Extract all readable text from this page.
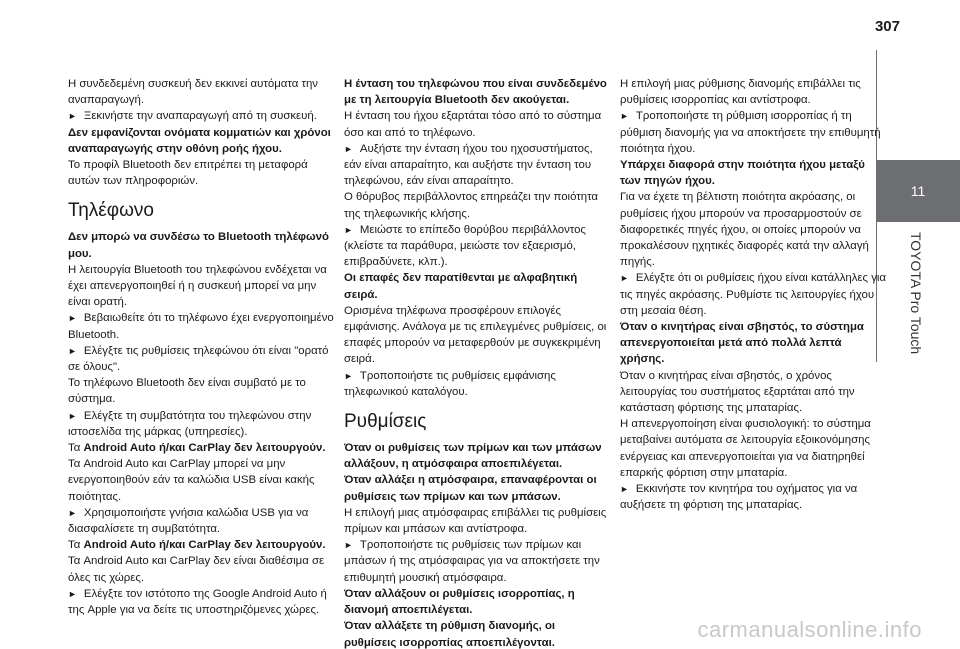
307
11
TOYOTA Pro Touch

Η συνδεδεμένη συσκευή δεν εκκινεί αυτόματα την αναπαραγωγή.

► Ξεκινήστε την αναπαραγωγή από τη συσκευή.

Δεν εμφανίζονται ονόματα κομματιών και χρόνοι αναπαραγωγής στην οθόνη ροής ήχου.

Το προφίλ Bluetooth δεν επιτρέπει τη μεταφορά αυτών των πληροφοριών.

Τηλέφωνο

Δεν μπορώ να συνδέσω το Bluetooth τηλέφωνό μου.

Η λειτουργία Bluetooth του τηλεφώνου ενδέχεται να έχει απενεργοποιηθεί ή η συσκευή μπορεί να μην είναι ορατή.

► Βεβαιωθείτε ότι το τηλέφωνο έχει ενεργοποιημένο Bluetooth.

► Ελέγξτε τις ρυθμίσεις τηλεφώνου ότι είναι "ορατό σε όλους".

Το τηλέφωνο Bluetooth δεν είναι συμβατό με το σύστημα.

► Ελέγξτε τη συμβατότητα του τηλεφώνου στην ιστοσελίδα της μάρκας (υπηρεσίες).

Τα Android Auto ή/και CarPlay δεν λειτουργούν.

Τα Android Auto και CarPlay μπορεί να μην ενεργοποιηθούν εάν τα καλώδια USB είναι κακής ποιότητας.

► Χρησιμοποιήστε γνήσια καλώδια USB για να διασφαλίσετε τη συμβατότητα.

Τα Android Auto ή/και CarPlay δεν λειτουργούν.

Τα Android Auto και CarPlay δεν είναι διαθέσιμα σε όλες τις χώρες.

► Ελέγξτε τον ιστότοπο της Google Android Auto ή της Apple για να δείτε τις υποστηριζόμενες χώρες.

Η ένταση του τηλεφώνου που είναι συνδεδεμένο με τη λειτουργία Bluetooth δεν ακούγεται.

Η ένταση του ήχου εξαρτάται τόσο από το σύστημα όσο και από το τηλέφωνο.

► Αυξήστε την ένταση ήχου του ηχοσυστήματος, εάν είναι απαραίτητο, και αυξήστε την ένταση του τηλεφώνου, εάν είναι απαραίτητο.

Ο θόρυβος περιβάλλοντος επηρεάζει την ποιότητα της τηλεφωνικής κλήσης.

► Μειώστε το επίπεδο θορύβου περιβάλλοντος (κλείστε τα παράθυρα, μειώστε τον εξαερισμό, επιβραδύνετε, κλπ.).

Οι επαφές δεν παρατίθενται με αλφαβητική σειρά.

Ορισμένα τηλέφωνα προσφέρουν επιλογές εμφάνισης. Ανάλογα με τις επιλεγμένες ρυθμίσεις, οι επαφές μπορούν να μεταφερθούν με συγκεκριμένη σειρά.

► Τροποποιήστε τις ρυθμίσεις εμφάνισης τηλεφωνικού καταλόγου.

Ρυθμίσεις

Όταν οι ρυθμίσεις των πρίμων και των μπάσων αλλάξουν, η ατμόσφαιρα αποεπιλέγεται.

Όταν αλλάξει η ατμόσφαιρα, επαναφέρονται οι ρυθμίσεις των πρίμων και των μπάσων.

Η επιλογή μιας ατμόσφαιρας επιβάλλει τις ρυθμίσεις πρίμων και μπάσων και αντίστροφα.

► Τροποποιήστε τις ρυθμίσεις των πρίμων και μπάσων ή της ατμόσφαιρας για να αποκτήσετε την επιθυμητή μουσική ατμόσφαιρα.

Όταν αλλάξουν οι ρυθμίσεις ισορροπίας, η διανομή αποεπιλέγεται.

Όταν αλλάξετε τη ρύθμιση διανομής, οι ρυθμίσεις ισορροπίας αποεπιλέγονται.

Η επιλογή μιας ρύθμισης διανομής επιβάλλει τις ρυθμίσεις ισορροπίας και αντίστροφα.

► Τροποποιήστε τη ρύθμιση ισορροπίας ή τη ρύθμιση διανομής για να αποκτήσετε την επιθυμητή ποιότητα ήχου.

Υπάρχει διαφορά στην ποιότητα ήχου μεταξύ των πηγών ήχου.

Για να έχετε τη βέλτιστη ποιότητα ακρόασης, οι ρυθμίσεις ήχου μπορούν να προσαρμοστούν σε διαφορετικές πηγές ήχου, οι οποίες μπορούν να προκαλέσουν ηχητικές διαφορές κατά την αλλαγή πηγής.

► Ελέγξτε ότι οι ρυθμίσεις ήχου είναι κατάλληλες για τις πηγές ακρόασης. Ρυθμίστε τις λειτουργίες ήχου στη μεσαία θέση.

Όταν ο κινητήρας είναι σβηστός, το σύστημα απενεργοποιείται μετά από πολλά λεπτά χρήσης.

Όταν ο κινητήρας είναι σβηστός, ο χρόνος λειτουργίας του συστήματος εξαρτάται από την κατάσταση φόρτισης της μπαταρίας.

Η απενεργοποίηση είναι φυσιολογική: το σύστημα μεταβαίνει αυτόματα σε λειτουργία εξοικονόμησης ενέργειας και απενεργοποιείται για να διατηρηθεί επαρκής φόρτιση στην μπαταρία.

► Εκκινήστε τον κινητήρα του οχήματος για να αυξήσετε τη φόρτιση της μπαταρίας.

carmanualsonline.info
